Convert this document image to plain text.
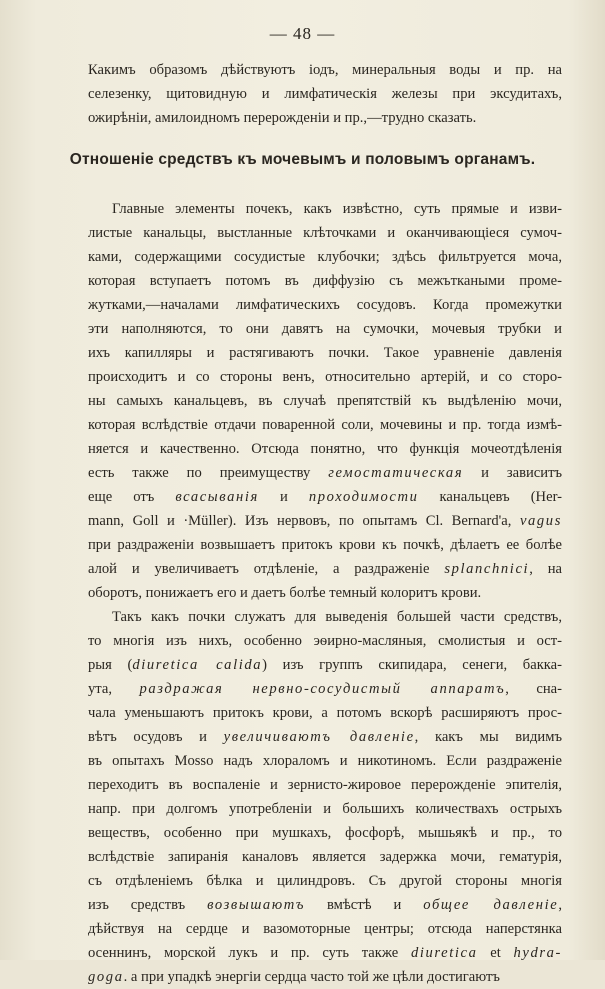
— 48 —
Какимъ образомъ дѣйствуютъ іодъ, минеральныя воды и пр. на
селезенку, щитовидную и лимфатическія железы при эксудитахъ,
ожирѣніи, амилоидномъ перерожденіи и пр.,—трудно сказать.
Отношеніе средствъ къ мочевымъ и половымъ органамъ.
Главные элементы почекъ, какъ извѣстно, суть прямые и изви-
листые канальцы, выстланные клѣточками и оканчивающіеся сумоч-
ками, содержащими сосудистые клубочки; здѣсь фильтруется моча,
которая вступаетъ потомъ въ диффузію съ межъткаными проме-
жутками,—началами лимфатическихъ сосудовъ. Когда промежутки
эти наполняются, то они давятъ на сумочки, мочевыя трубки и
ихъ капилляры и растягиваютъ почки. Такое уравненіе давленія
происходитъ и со стороны венъ, относительно артерій, и со сторо-
ны самыхъ канальцевъ, въ случаѣ препятствій къ выдѣленію мочи,
которая вслѣдствіе отдачи поваренной соли, мочевины и пр. тогда измѣ-
няется и качественно. Отсюда понятно, что функція мочеотдѣленія
есть также по преимуществу гемостатическая и зависитъ
еще отъ всасыванія и проходимости канальцевъ (Her-
mann, Goll и ·Müller). Изъ нервовъ, по опытамъ Cl. Bernard'a, vagus
при раздраженіи возвышаетъ притокъ крови къ почкѣ, дѣлаетъ ее болѣе
алой и увеличиваетъ отдѣленіе, а раздраженіе splanchnici, на
оборотъ, понижаетъ его и даетъ болѣе темный колоритъ крови.
Такъ какъ почки служатъ для выведенія большей части средствъ,
то многія изъ нихъ, особенно эѳирно-масляныя, смолистыя и ост-
рыя (diuretica calida) изъ группъ скипидара, сенеги, бакка-
ута, раздражая нервно-сосудистый аппаратъ, сна-
чала уменьшаютъ притокъ крови, а потомъ вскорѣ расширяютъ прос-
вѣтъ осудовъ и увеличиваютъ давленіе, какъ мы видимъ
въ опытахъ Mosso надъ хлораломъ и никотиномъ. Если раздраженіе
переходитъ въ воспаленіе и зернисто-жировое перерожденіе эпителія,
напр. при долгомъ употребленіи и большихъ количествахъ острыхъ
веществъ, особенно при мушкахъ, фосфорѣ, мышьякѣ и пр., то
вслѣдствіе запиранія каналовъ является задержка мочи, гематурія,
съ отдѣленіемъ бѣлка и цилиндровъ. Съ другой стороны многія
изъ средствъ возвышаютъ вмѣстѣ и общее давленіе,
дѣйствуя на сердце и вазомоторные центры; отсюда наперстянка
осеннинъ, морской лукъ и пр. суть также diuretica et hydra-
goga. а при упадкѣ энергіи сердца часто той же цѣли достигаютъ
